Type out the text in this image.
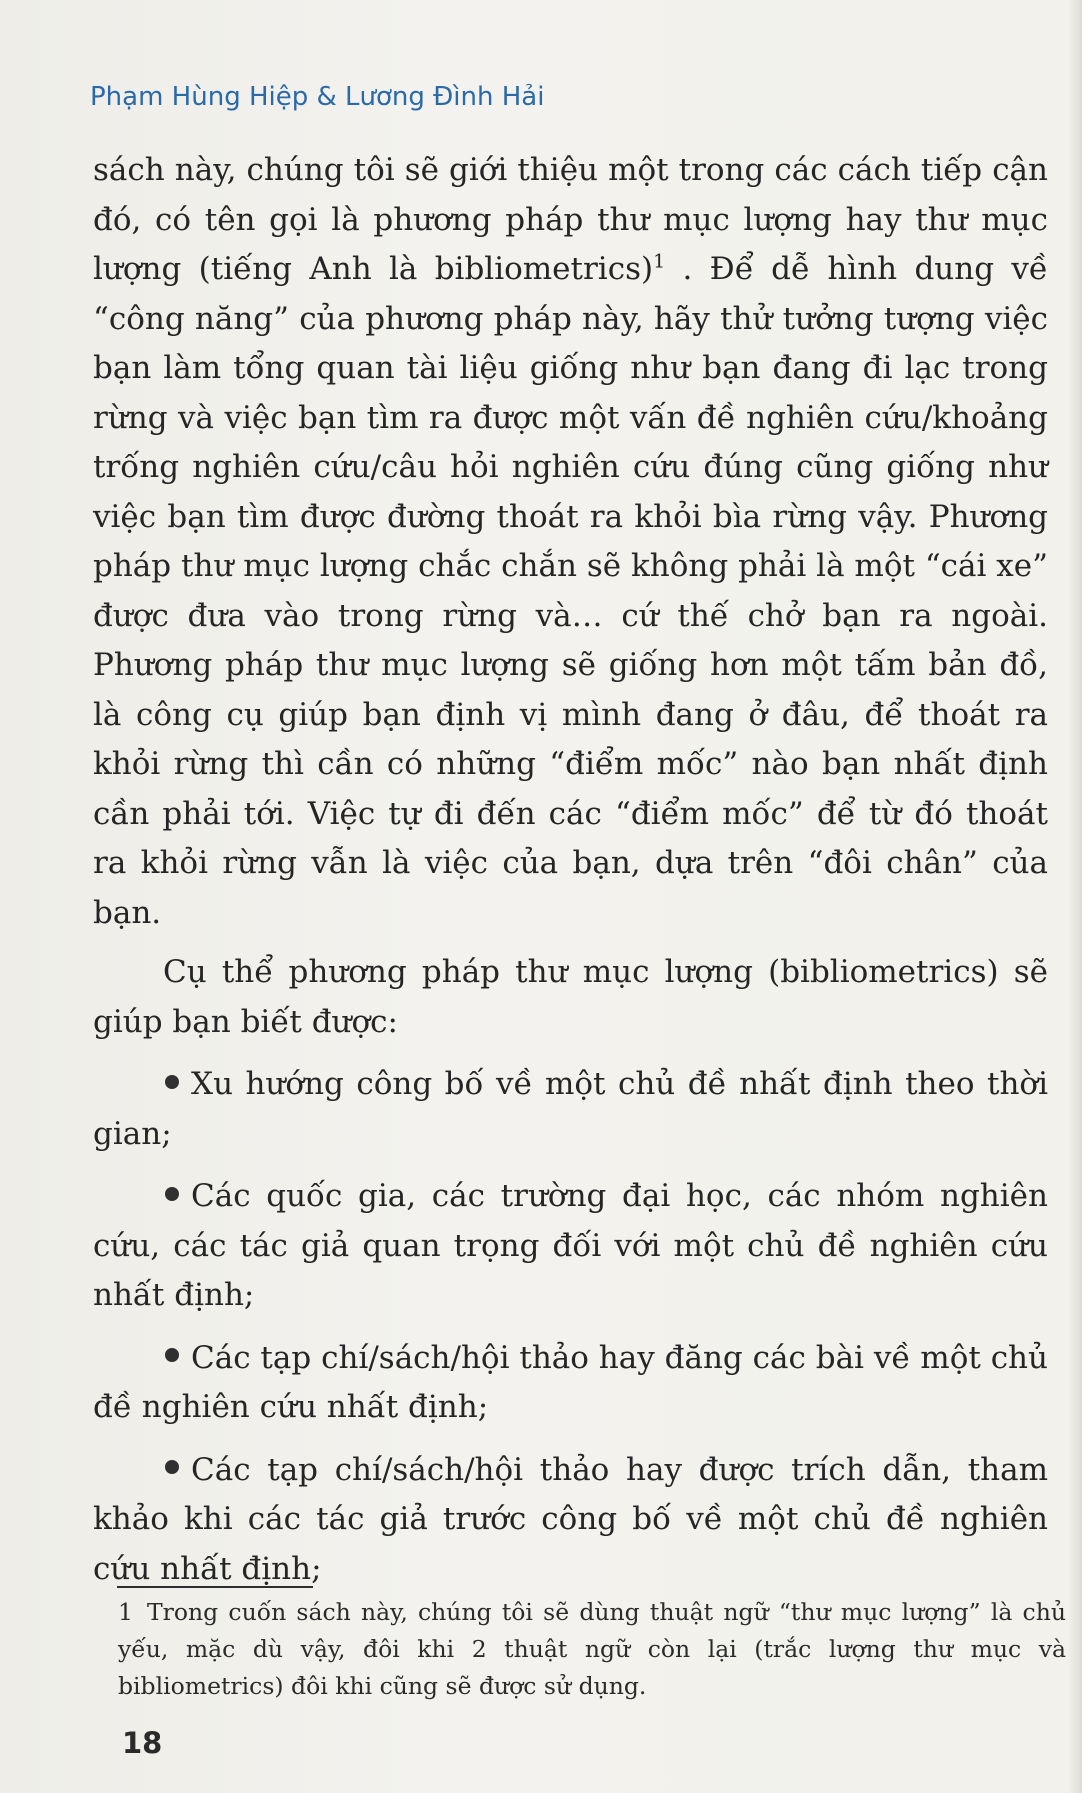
Phạm Hùng Hiệp & Lương Đình Hải

sách này, chúng tôi sẽ giới thiệu một trong các cách tiếp cận đó, có tên gọi là phương pháp thư mục lượng hay thư mục lượng (tiếng Anh là bibliometrics)$^1$ . Để dễ hình dung về “công năng” của phương pháp này, hãy thử tưởng tượng việc bạn làm tổng quan tài liệu giống như bạn đang đi lạc trong rừng và việc bạn tìm ra được một vấn đề nghiên cứu/khoảng trống nghiên cứu/câu hỏi nghiên cứu đúng cũng giống như việc bạn tìm được đường thoát ra khỏi bìa rừng vậy. Phương pháp thư mục lượng chắc chắn sẽ không phải là một “cái xe” được đưa vào trong rừng và… cứ thế chở bạn ra ngoài. Phương pháp thư mục lượng sẽ giống hơn một tấm bản đồ, là công cụ giúp bạn định vị mình đang ở đâu, để thoát ra khỏi rừng thì cần có những “điểm mốc” nào bạn nhất định cần phải tới. Việc tự đi đến các “điểm mốc” để từ đó thoát ra khỏi rừng vẫn là việc của bạn, dựa trên “đôi chân” của bạn.

Cụ thể phương pháp thư mục lượng (bibliometrics) sẽ giúp bạn biết được:

Xu hướng công bố về một chủ đề nhất định theo thời gian;

Các quốc gia, các trường đại học, các nhóm nghiên cứu, các tác giả quan trọng đối với một chủ đề nghiên cứu nhất định;

Các tạp chí/sách/hội thảo hay đăng các bài về một chủ đề nghiên cứu nhất định;

Các tạp chí/sách/hội thảo hay được trích dẫn, tham khảo khi các tác giả trước công bố về một chủ đề nghiên cứu nhất định;

1 Trong cuốn sách này, chúng tôi sẽ dùng thuật ngữ “thư mục lượng” là chủ yếu, mặc dù vậy, đôi khi 2 thuật ngữ còn lại (trắc lượng thư mục và bibliometrics) đôi khi cũng sẽ được sử dụng.
18
